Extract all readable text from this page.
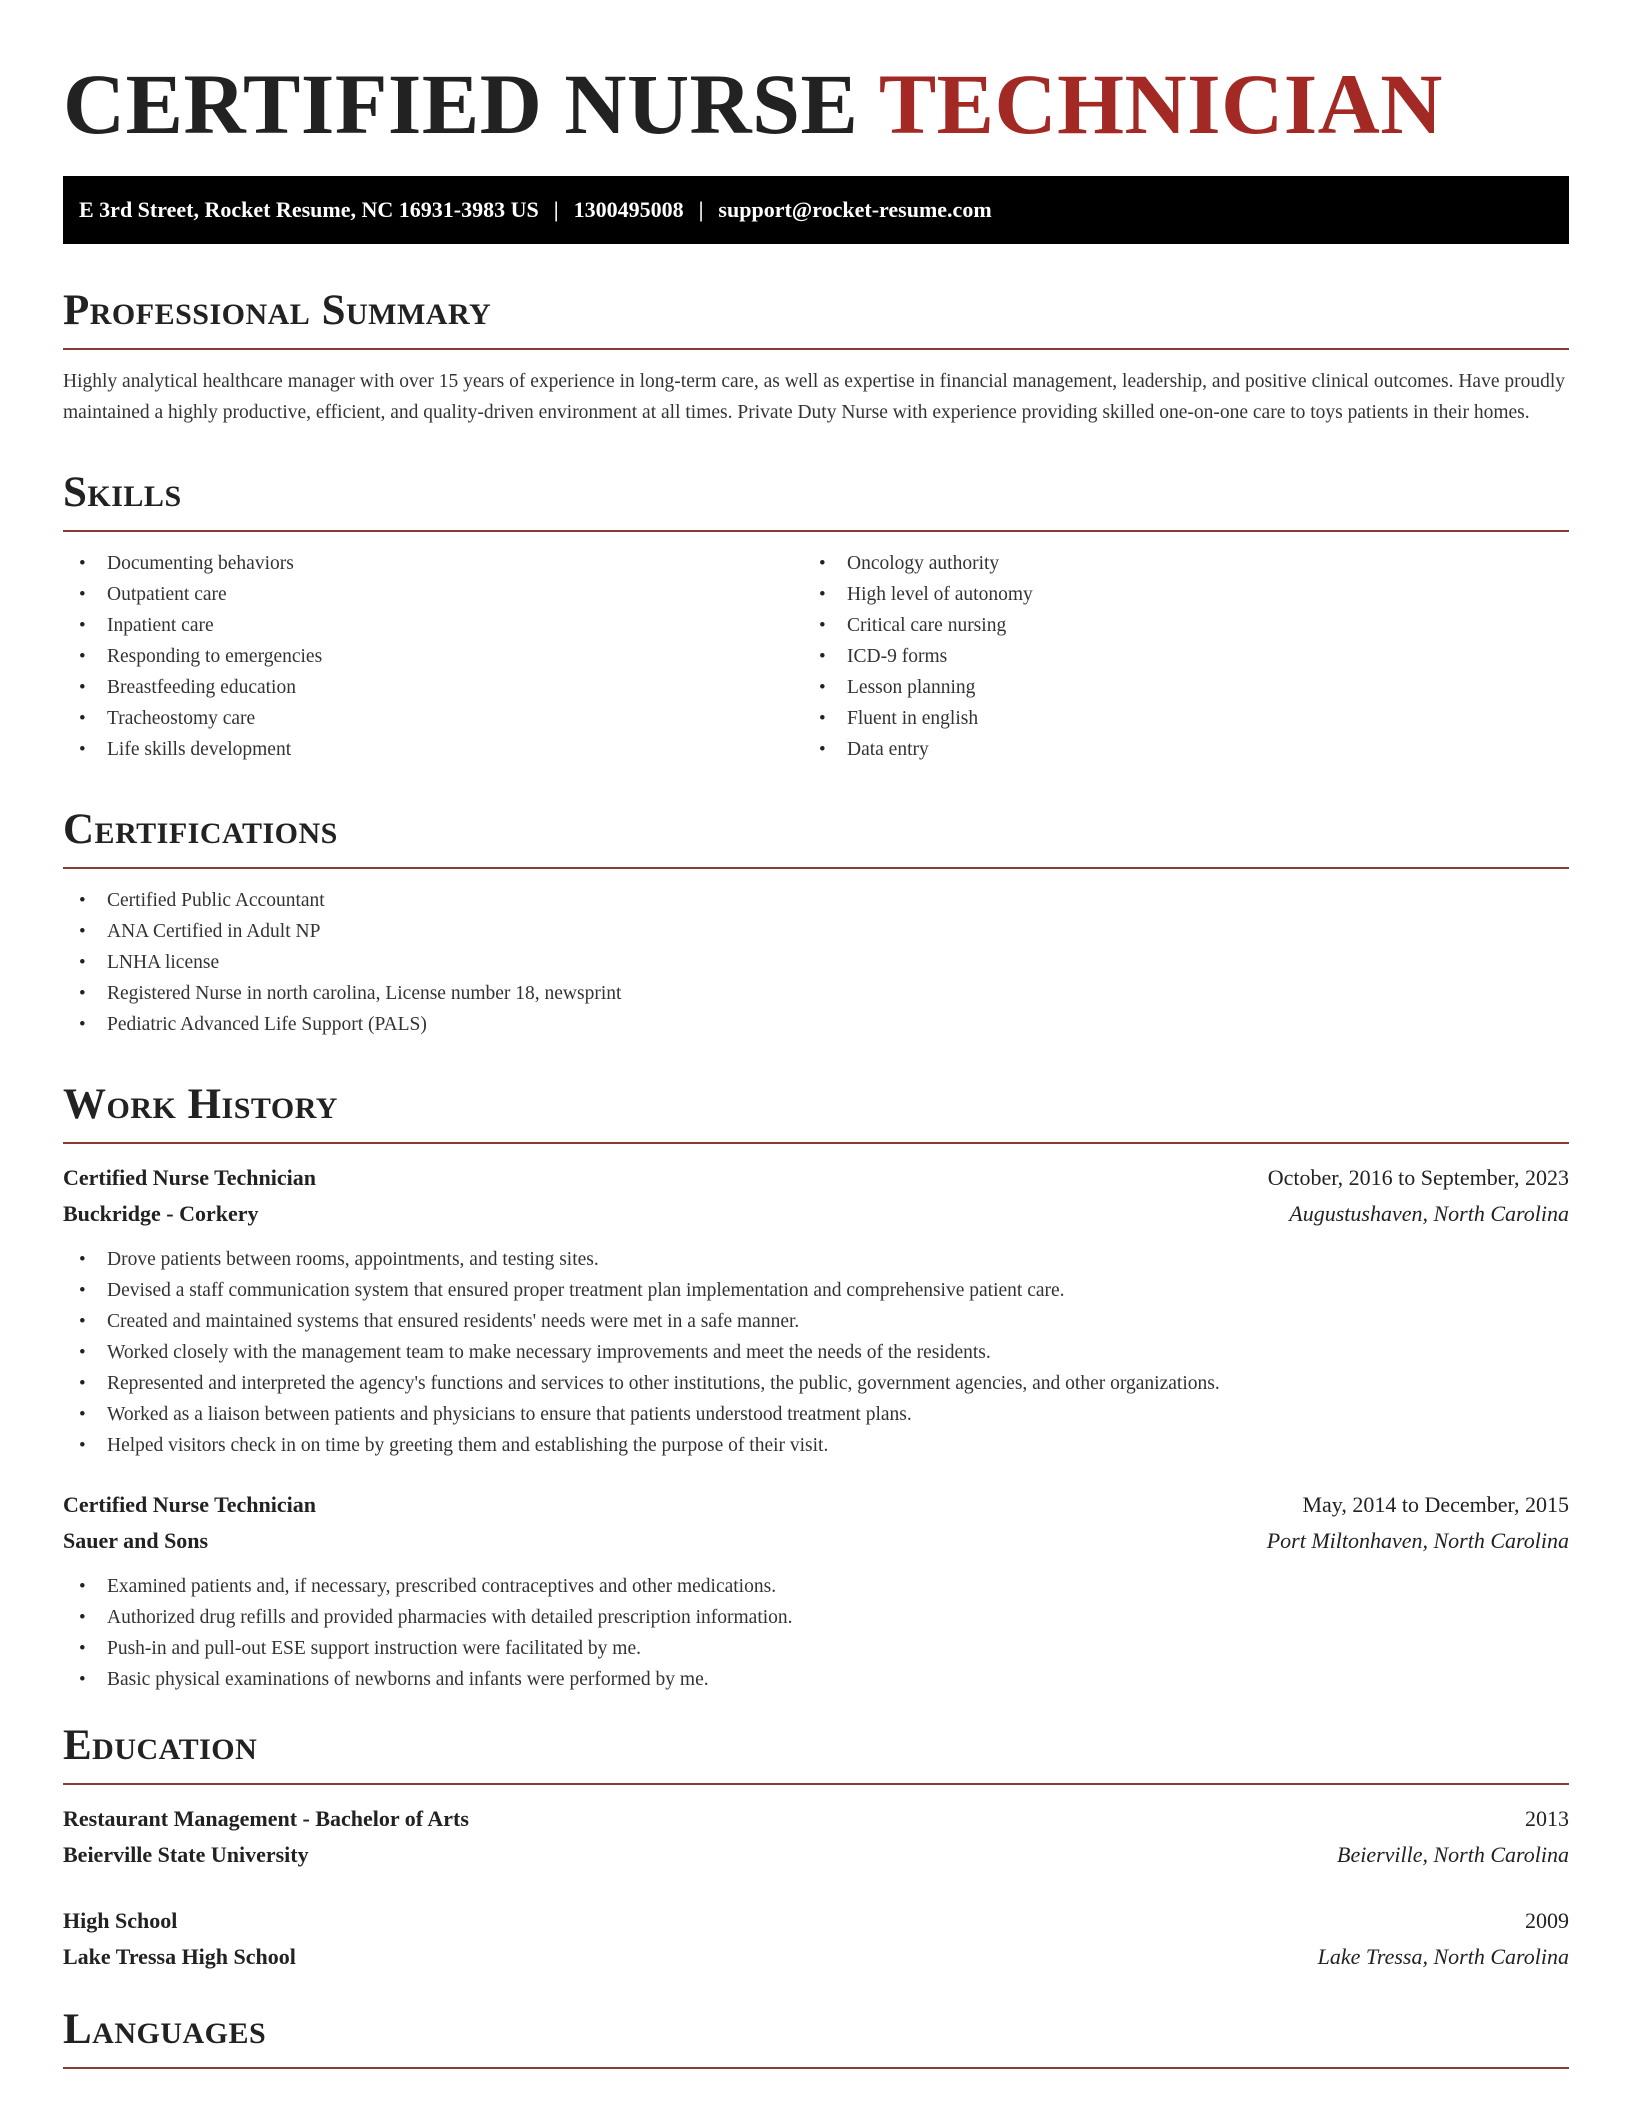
CERTIFIED NURSE TECHNICIAN
E 3rd Street, Rocket Resume, NC 16931-3983 US | 1300495008 | support@rocket-resume.com
Professional Summary

Highly analytical healthcare manager with over 15 years of experience in long-term care, as well as expertise in financial management, leadership, and positive clinical outcomes. Have proudly maintained a highly productive, efficient, and quality-driven environment at all times. Private Duty Nurse with experience providing skilled one-on-one care to toys patients in their homes.

Skills
• Documenting behaviors
• Outpatient care
• Inpatient care
• Responding to emergencies
• Breastfeeding education
• Tracheostomy care
• Life skills development
• Oncology authority
• High level of autonomy
• Critical care nursing
• ICD-9 forms
• Lesson planning
• Fluent in english
• Data entry
Certifications
• Certified Public Accountant
• ANA Certified in Adult NP
• LNHA license
• Registered Nurse in north carolina, License number 18, newsprint
• Pediatric Advanced Life Support (PALS)
Work History
Certified Nurse Technician	October, 2016 to September, 2023
Buckridge - Corkery	Augustushaven, North Carolina
• Drove patients between rooms, appointments, and testing sites.
• Devised a staff communication system that ensured proper treatment plan implementation and comprehensive patient care.
• Created and maintained systems that ensured residents' needs were met in a safe manner.
• Worked closely with the management team to make necessary improvements and meet the needs of the residents.
• Represented and interpreted the agency's functions and services to other institutions, the public, government agencies, and other organizations.
• Worked as a liaison between patients and physicians to ensure that patients understood treatment plans.
• Helped visitors check in on time by greeting them and establishing the purpose of their visit.
Certified Nurse Technician	May, 2014 to December, 2015
Sauer and Sons	Port Miltonhaven, North Carolina
• Examined patients and, if necessary, prescribed contraceptives and other medications.
• Authorized drug refills and provided pharmacies with detailed prescription information.
• Push-in and pull-out ESE support instruction were facilitated by me.
• Basic physical examinations of newborns and infants were performed by me.
Education
Restaurant Management - Bachelor of Arts	2013
Beierville State University	Beierville, North Carolina
High School	2009
Lake Tressa High School	Lake Tressa, North Carolina
Languages
